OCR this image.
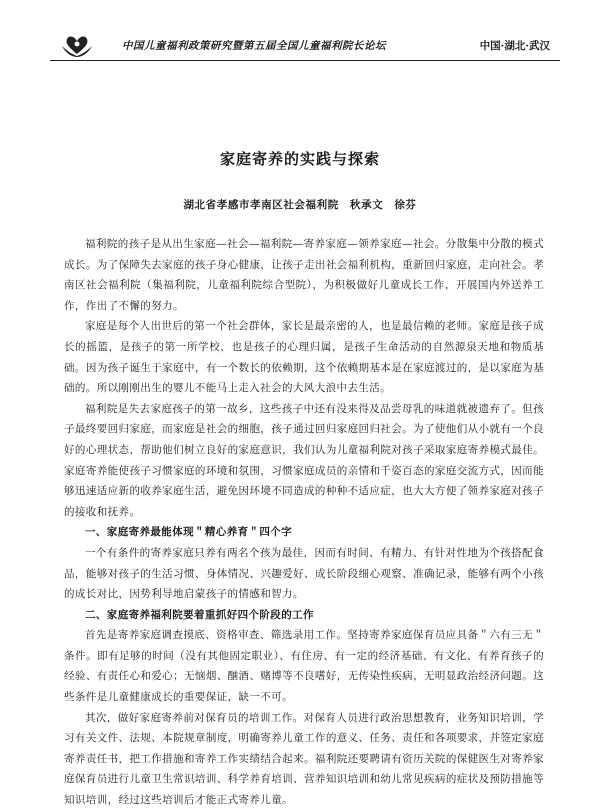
中国儿童福利政策研究暨第五届全国儿童福利院长论坛	中国·湖北·武汉
家庭寄养的实践与探索
湖北省孝感市孝南区社会福利院　秋承文　徐芬

福利院的孩子是从出生家庭—社会—福利院—寄养家庭—领养家庭—社会。分散集中分散的模式成长。为了保障失去家庭的孩子身心健康，让孩子走出社会福利机构，重新回归家庭，走向社会。孝南区社会福利院（集福利院，儿童福利院综合型院），为积极做好儿童成长工作，开展国内外送养工作，作出了不懈的努力。

家庭是每个人出世后的第一个社会群体，家长是最亲密的人，也是最信赖的老师。家庭是孩子成长的摇篮，是孩子的第一所学校，也是孩子的心理归属，是孩子生命活动的自然源泉天地和物质基础。因为孩子诞生于家庭中，有一个数长的依赖期，这个依赖期基本是在家庭渡过的，是以家庭为基础的。所以刚刚出生的婴儿不能马上走入社会的大风大浪中去生活。

福利院是失去家庭孩子的第一故乡，这些孩子中还有没来得及品尝母乳的味道就被遗弃了。但孩子最终要回归家庭，而家庭是社会的细胞，孩子通过回归家庭回归社会。为了使他们从小就有一个良好的心理状态，帮助他们树立良好的家庭意识，我们认为儿童福利院对孩子采取家庭寄养模式最佳。家庭寄养能使孩子习惯家庭的环境和氛围，习惯家庭成员的亲情和千姿百态的家庭交流方式，因而能够迅速适应新的收养家庭生活，避免因环境不同造成的种种不适应症，也大大方便了领养家庭对孩子的接收和抚养。

一、家庭寄养最能体现＂精心养育＂四个字

一个有条件的寄养家庭只养有两名个孩为最佳，因而有时间、有精力、有针对性地为个孩搭配食品，能够对孩子的生活习惯、身体情况、兴趣爱好、成长阶段细心观察、准确记录，能够有两个小孩的成长对比，因势利导地启蒙孩子的情感和智力。

二、家庭寄养福利院要着重抓好四个阶段的工作

首先是寄养家庭调查摸底、资格审查、筛选录用工作。坚持寄养家庭保育员应具备＂六有三无＂条件。即有足够的时间（没有其他固定职业）、有住房、有一定的经济基础、有文化、有养育孩子的经验、有责任心和爱心；无恼烟、酗酒、赌博等不良嗜好，无传染性疾病，无明显政治经济问题。这些条件是儿童健康成长的重要保证，缺一不可。

其次，做好家庭寄养前对保育员的培训工作。对保育人员进行政治思想教育，业务知识培训，学习有关文件、法规、本院规章制度，明确寄养儿童工作的意义、任务、责任和各项要求，并签定家庭寄养责任书，把工作措施和寄养工作实绩结合起来。福利院还要聘请有资历关院的保健医生对寄养家庭保育员进行儿童卫生常识培训、科学养育培训、营养知识培训和幼儿常见疾病的症状及预防措施等知识培训，经过这些培训后才能正式寄养儿童。
